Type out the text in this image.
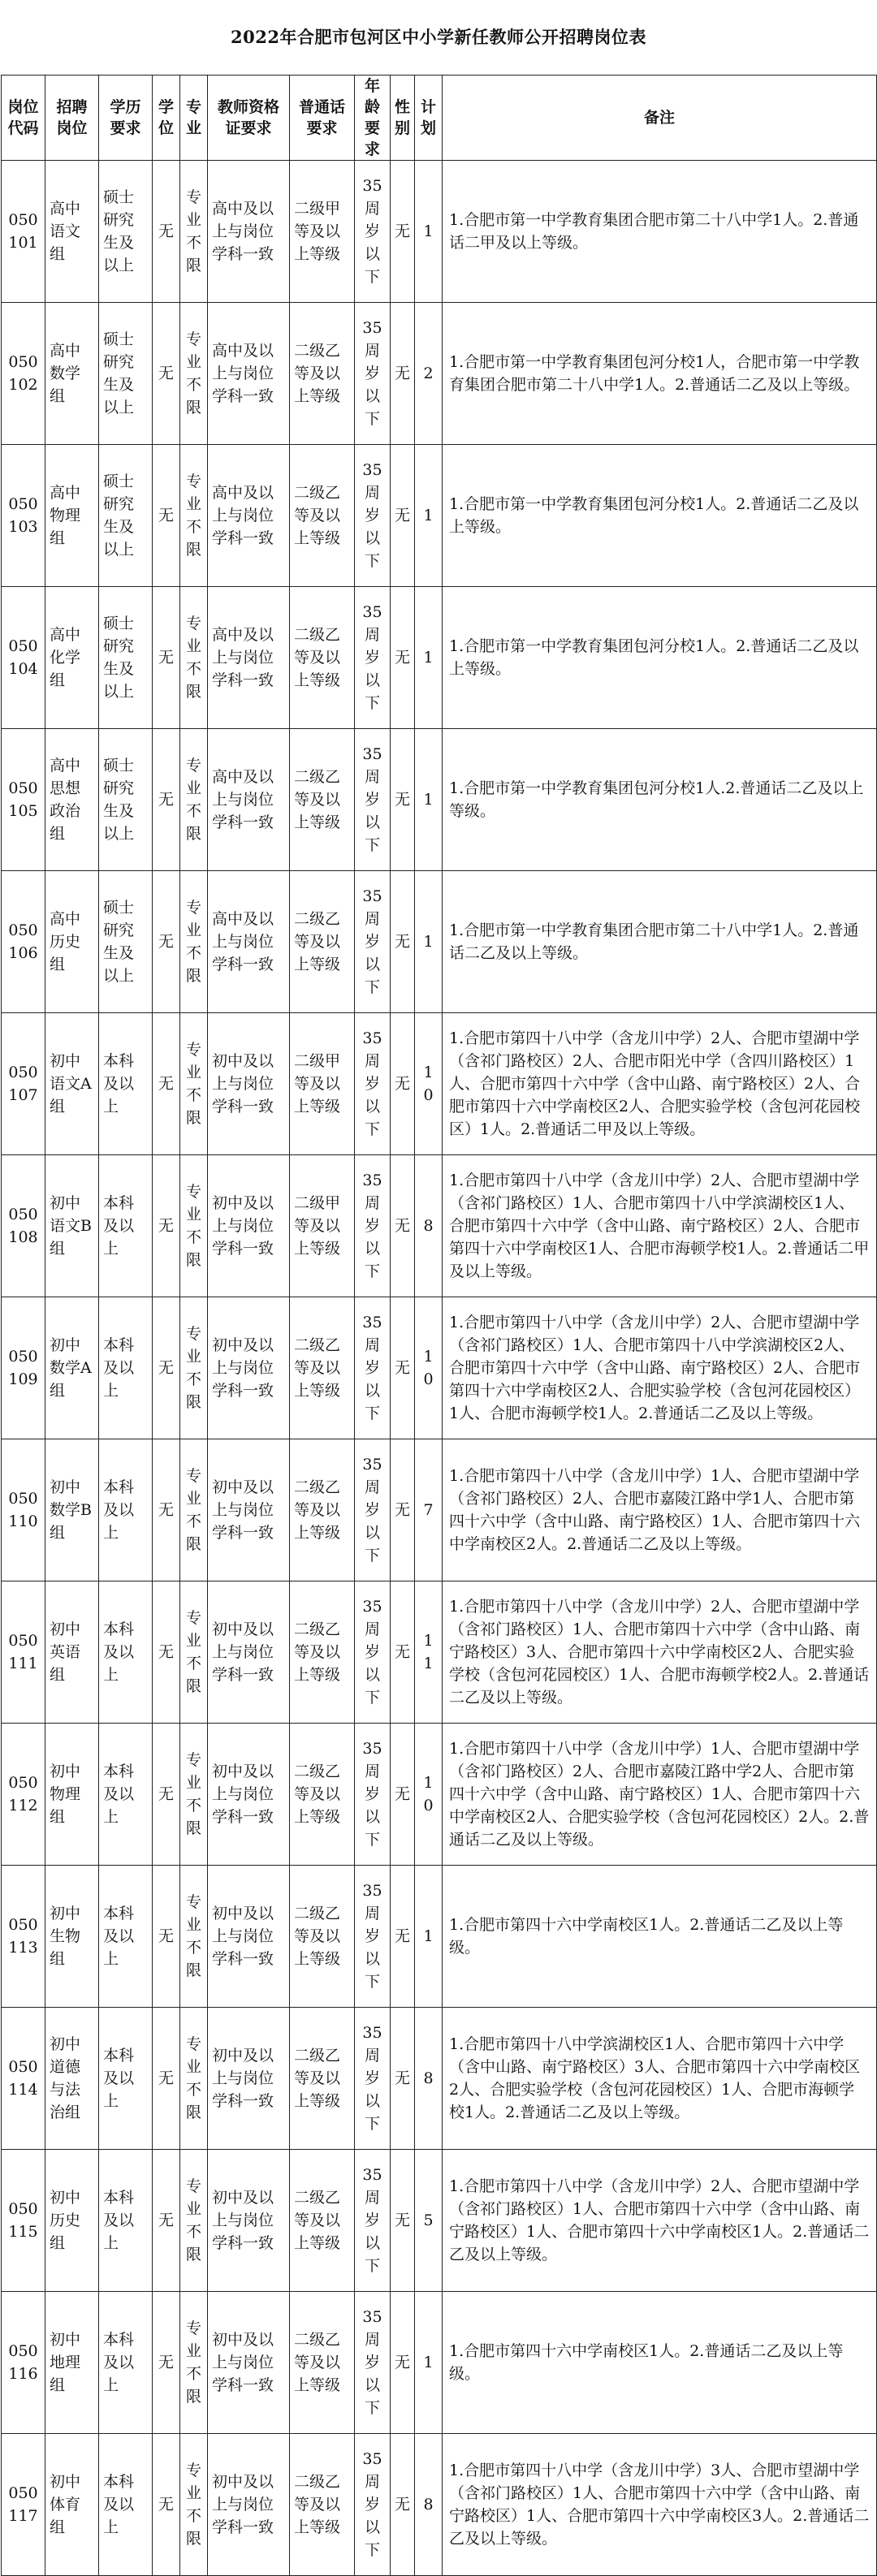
2022年合肥市包河区中小学新任教师公开招聘岗位表
岗位代码	招聘岗位	学历要求	学位	专业	教师资格证要求	普通话要求	年龄要求	性别	计划	备注
050101	高中语文组	硕士研究生及以上	无	专业不限	高中及以上与岗位学科一致	二级甲等及以上等级	35周岁以下	无	1	1.合肥市第一中学教育集团合肥市第二十八中学1人。2.普通话二甲及以上等级。

050102	高中数学组	硕士研究生及以上	无	专业不限	高中及以上与岗位学科一致	二级乙等及以上等级	35周岁以下	无	2	1.合肥市第一中学教育集团包河分校1人，合肥市第一中学教育集团合肥市第二十八中学1人。2.普通话二乙及以上等级。

050103	高中物理组	硕士研究生及以上	无	专业不限	高中及以上与岗位学科一致	二级乙等及以上等级	35周岁以下	无	1	1.合肥市第一中学教育集团包河分校1人。2.普通话二乙及以上等级。

050104	高中化学组	硕士研究生及以上	无	专业不限	高中及以上与岗位学科一致	二级乙等及以上等级	35周岁以下	无	1	1.合肥市第一中学教育集团包河分校1人。2.普通话二乙及以上等级。

050105	高中思想政治组	硕士研究生及以上	无	专业不限	高中及以上与岗位学科一致	二级乙等及以上等级	35周岁以下	无	1	1.合肥市第一中学教育集团包河分校1人.2.普通话二乙及以上等级。

050106	高中历史组	硕士研究生及以上	无	专业不限	高中及以上与岗位学科一致	二级乙等及以上等级	35周岁以下	无	1	1.合肥市第一中学教育集团合肥市第二十八中学1人。2.普通话二乙及以上等级。

050107	初中语文A组	本科及以上	无	专业不限	初中及以上与岗位学科一致	二级甲等及以上等级	35周岁以下	无	10	1.合肥市第四十八中学（含龙川中学）2人、合肥市望湖中学（含祁门路校区）2人、合肥市阳光中学（含四川路校区）1人、合肥市第四十六中学（含中山路、南宁路校区）2人、合肥市第四十六中学南校区2人、合肥实验学校（含包河花园校区）1人。2.普通话二甲及以上等级。

050108	初中语文B组	本科及以上	无	专业不限	初中及以上与岗位学科一致	二级甲等及以上等级	35周岁以下	无	8	1.合肥市第四十八中学（含龙川中学）2人、合肥市望湖中学（含祁门路校区）1人、合肥市第四十八中学滨湖校区1人、合肥市第四十六中学（含中山路、南宁路校区）2人、合肥市第四十六中学南校区1人、合肥市海顿学校1人。2.普通话二甲及以上等级。

050109	初中数学A组	本科及以上	无	专业不限	初中及以上与岗位学科一致	二级乙等及以上等级	35周岁以下	无	10	1.合肥市第四十八中学（含龙川中学）2人、合肥市望湖中学（含祁门路校区）1人、合肥市第四十八中学滨湖校区2人、合肥市第四十六中学（含中山路、南宁路校区）2人、合肥市第四十六中学南校区2人、合肥实验学校（含包河花园校区）1人、合肥市海顿学校1人。2.普通话二乙及以上等级。

050110	初中数学B组	本科及以上	无	专业不限	初中及以上与岗位学科一致	二级乙等及以上等级	35周岁以下	无	7	1.合肥市第四十八中学（含龙川中学）1人、合肥市望湖中学（含祁门路校区）2人、合肥市嘉陵江路中学1人、合肥市第四十六中学（含中山路、南宁路校区）1人、合肥市第四十六中学南校区2人。2.普通话二乙及以上等级。

050111	初中英语组	本科及以上	无	专业不限	初中及以上与岗位学科一致	二级乙等及以上等级	35周岁以下	无	11	1.合肥市第四十八中学（含龙川中学）2人、合肥市望湖中学（含祁门路校区）1人、合肥市第四十六中学（含中山路、南宁路校区）3人、合肥市第四十六中学南校区2人、合肥实验学校（含包河花园校区）1人、合肥市海顿学校2人。2.普通话二乙及以上等级。

050112	初中物理组	本科及以上	无	专业不限	初中及以上与岗位学科一致	二级乙等及以上等级	35周岁以下	无	10	1.合肥市第四十八中学（含龙川中学）1人、合肥市望湖中学（含祁门路校区）2人、合肥市嘉陵江路中学2人、合肥市第四十六中学（含中山路、南宁路校区）1人、合肥市第四十六中学南校区2人、合肥实验学校（含包河花园校区）2人。2.普通话二乙及以上等级。

050113	初中生物组	本科及以上	无	专业不限	初中及以上与岗位学科一致	二级乙等及以上等级	35周岁以下	无	1	1.合肥市第四十六中学南校区1人。2.普通话二乙及以上等级。

050114	初中道德与法治组	本科及以上	无	专业不限	初中及以上与岗位学科一致	二级乙等及以上等级	35周岁以下	无	8	1.合肥市第四十八中学滨湖校区1人、合肥市第四十六中学（含中山路、南宁路校区）3人、合肥市第四十六中学南校区2人、合肥实验学校（含包河花园校区）1人、合肥市海顿学校1人。2.普通话二乙及以上等级。

050115	初中历史组	本科及以上	无	专业不限	初中及以上与岗位学科一致	二级乙等及以上等级	35周岁以下	无	5	1.合肥市第四十八中学（含龙川中学）2人、合肥市望湖中学（含祁门路校区）1人、合肥市第四十六中学（含中山路、南宁路校区）1人、合肥市第四十六中学南校区1人。2.普通话二乙及以上等级。

050116	初中地理组	本科及以上	无	专业不限	初中及以上与岗位学科一致	二级乙等及以上等级	35周岁以下	无	1	1.合肥市第四十六中学南校区1人。2.普通话二乙及以上等级。

050117	初中体育组	本科及以上	无	专业不限	初中及以上与岗位学科一致	二级乙等及以上等级	35周岁以下	无	8	1.合肥市第四十八中学（含龙川中学）3人、合肥市望湖中学（含祁门路校区）1人、合肥市第四十六中学（含中山路、南宁路校区）1人、合肥市第四十六中学南校区3人。2.普通话二乙及以上等级。
